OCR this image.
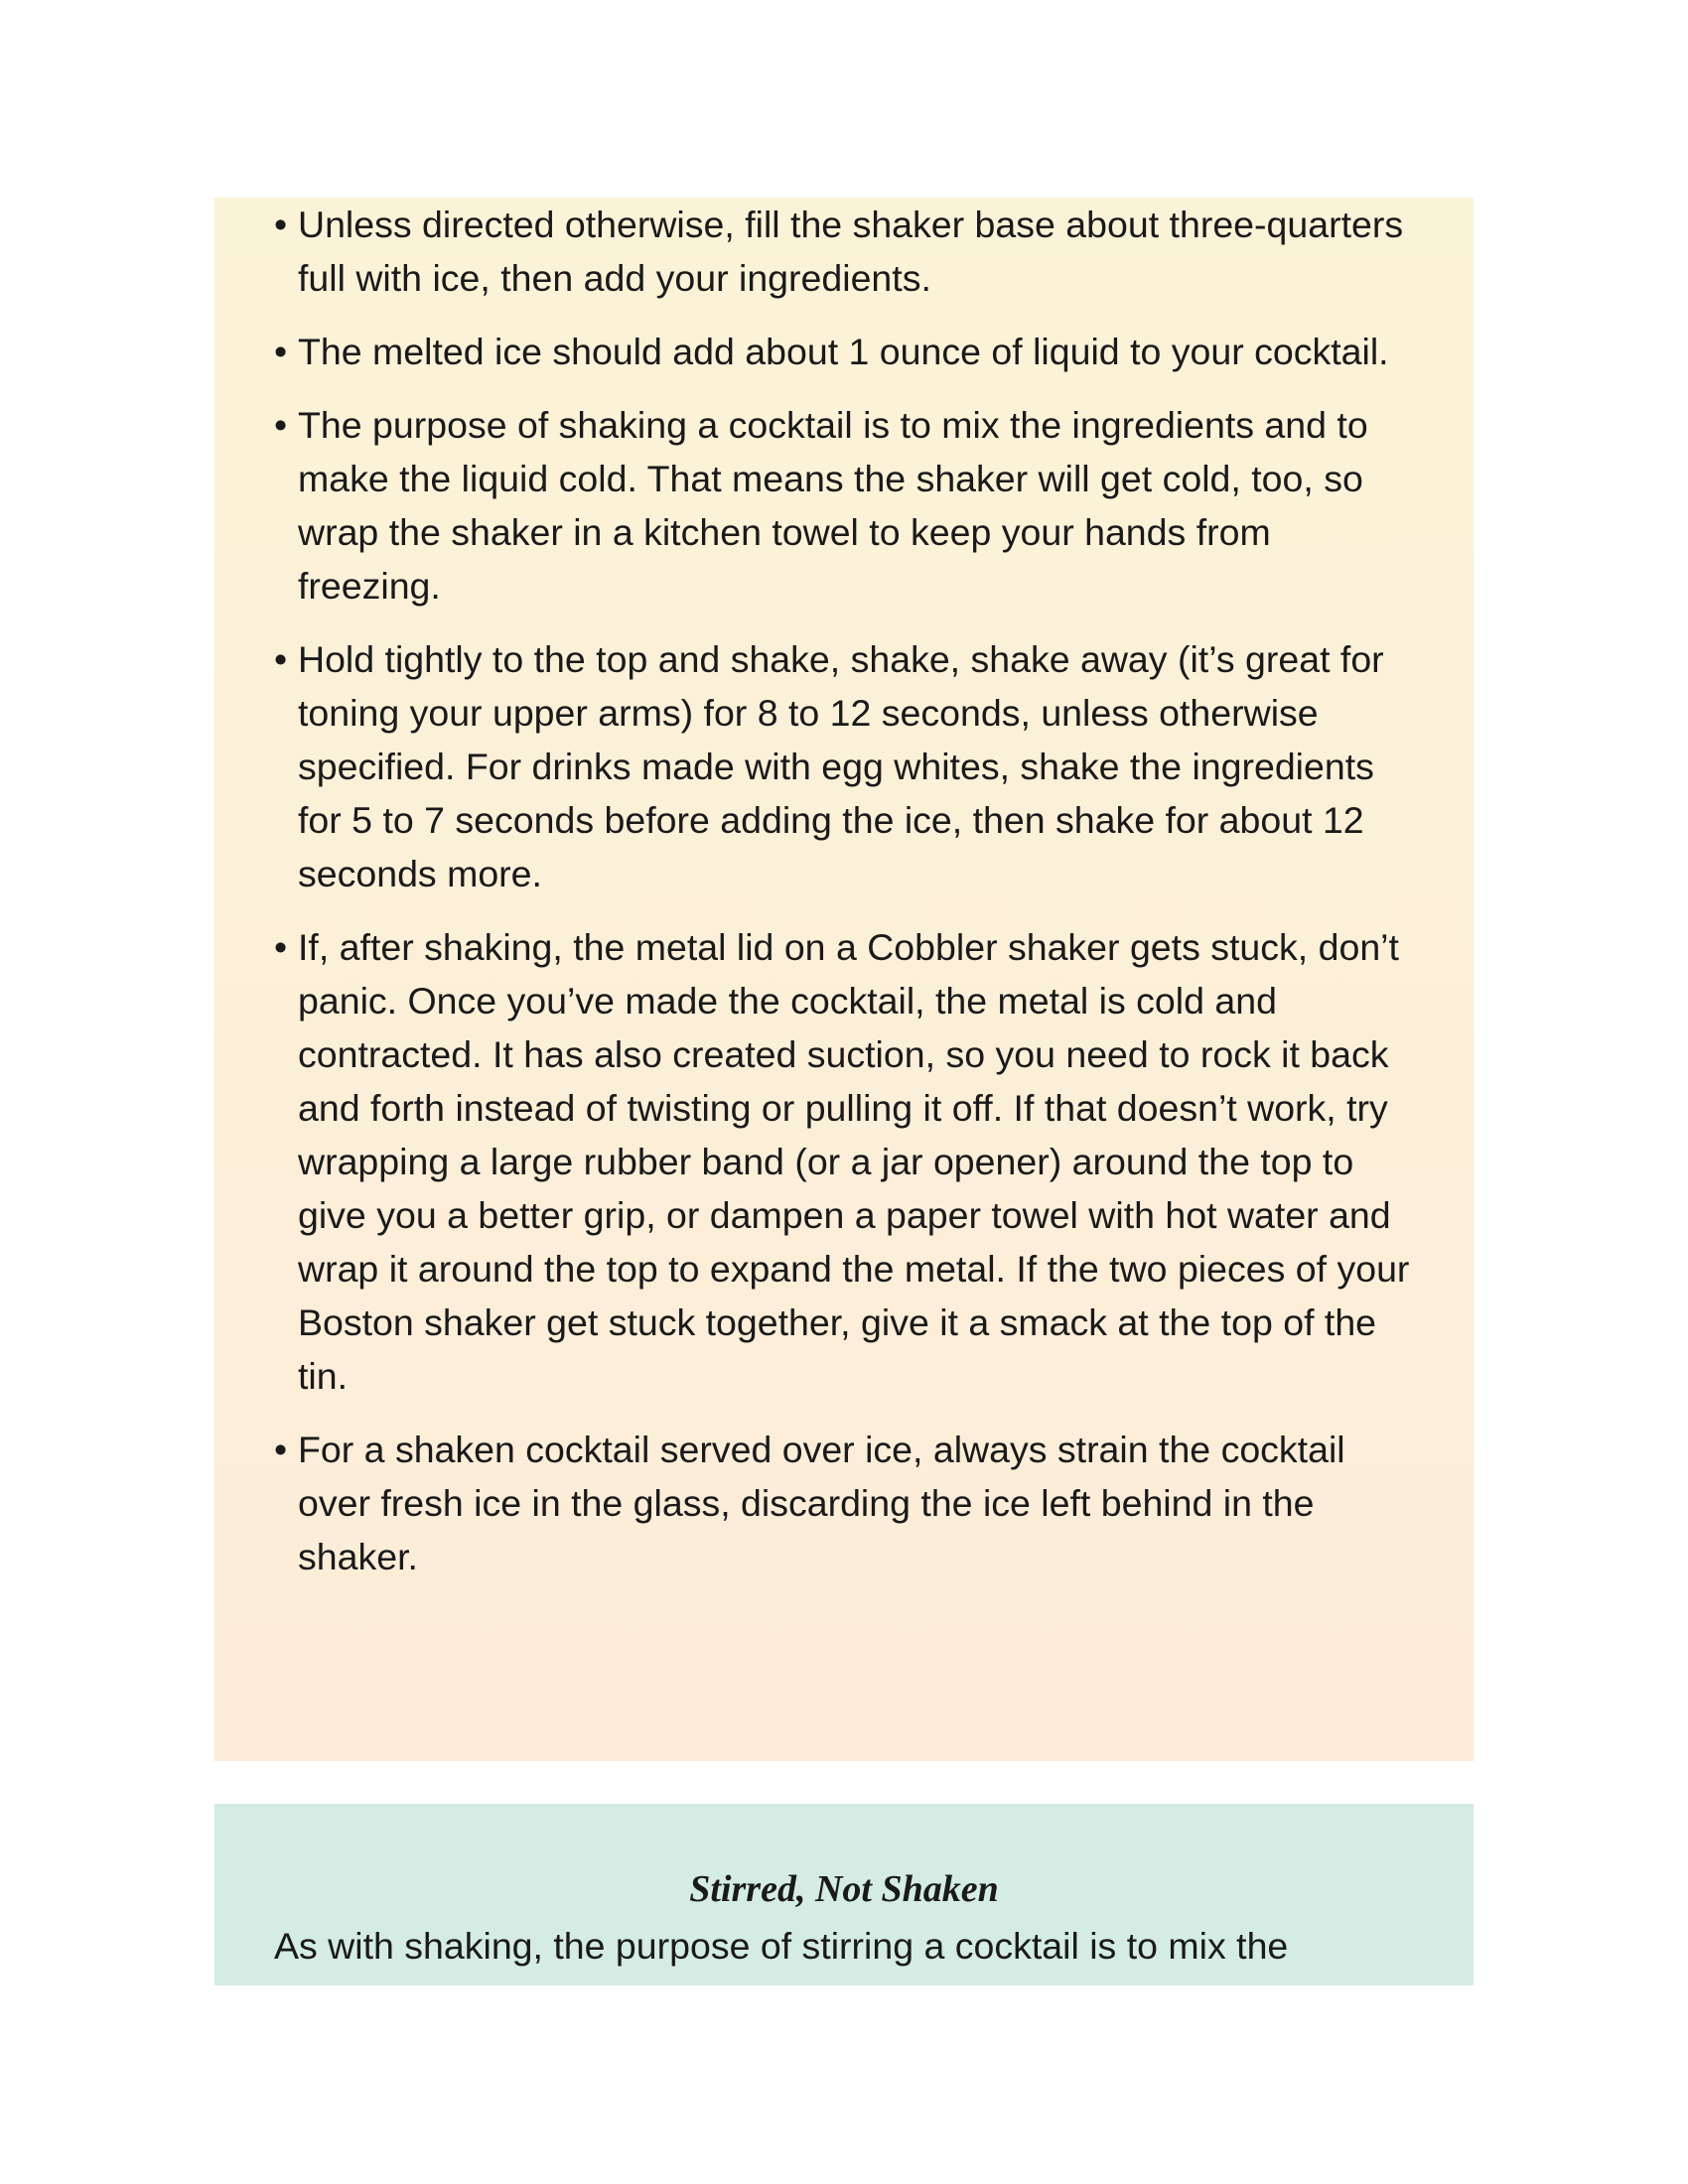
• Unless directed otherwise, fill the shaker base about three-quarters full with ice, then add your ingredients.
• The melted ice should add about 1 ounce of liquid to your cocktail.
• The purpose of shaking a cocktail is to mix the ingredients and to make the liquid cold. That means the shaker will get cold, too, so wrap the shaker in a kitchen towel to keep your hands from freezing.
• Hold tightly to the top and shake, shake, shake away (it’s great for toning your upper arms) for 8 to 12 seconds, unless otherwise specified. For drinks made with egg whites, shake the ingredients for 5 to 7 seconds before adding the ice, then shake for about 12 seconds more.
• If, after shaking, the metal lid on a Cobbler shaker gets stuck, don’t panic. Once you’ve made the cocktail, the metal is cold and contracted. It has also created suction, so you need to rock it back and forth instead of twisting or pulling it off. If that doesn’t work, try wrapping a large rubber band (or a jar opener) around the top to give you a better grip, or dampen a paper towel with hot water and wrap it around the top to expand the metal. If the two pieces of your Boston shaker get stuck together, give it a smack at the top of the tin.
• For a shaken cocktail served over ice, always strain the cocktail over fresh ice in the glass, discarding the ice left behind in the shaker.
Stirred, Not Shaken

As with shaking, the purpose of stirring a cocktail is to mix the
